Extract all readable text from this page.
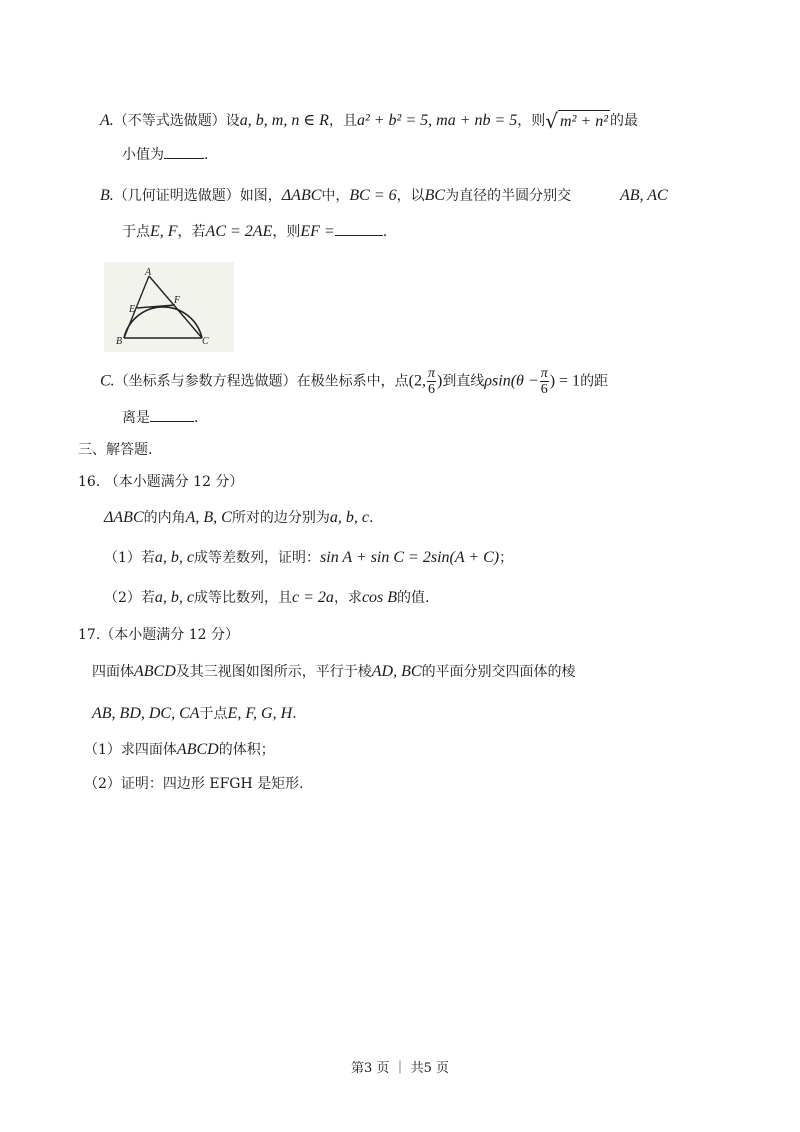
A.（不等式选做题）设a, b, m, n ∈ R，且a² + b² = 5, ma + nb = 5，则 √ m² + n² 的最
小值为	.
B.（几何证明选做题）如图，ΔABC中，BC = 6，以BC为直径的半圆分别交	AB, AC
于点E, F，若AC = 2AE，则EF =	.
A
F
E
B	C
C.（坐标系与参数方程选做题）在极坐标系中，点(2, $\frac{\pi}{6}$ )到直线$\rho\sin(\theta - \frac{\pi}{6}$ ) = 1的距
离是	.
三、解答题.
16. （本小题满分 12 分）
ΔABC的内角A, B, C所对的边分别为a, b, c.
（1）若a, b, c成等差数列，证明：sin A + sin C = 2sin(A + C)；
（2）若a, b, c成等比数列，且c = 2a，求cos B的值.
17.（本小题满分 12 分）
四面体ABCD及其三视图如图所示，平行于棱AD, BC的平面分别交四面体的棱
AB, BD, DC, CA于点E, F, G, H.
（1）求四面体ABCD的体积；
（2）证明：四边形 EFGH 是矩形.
第3 页 ｜ 共5 页
